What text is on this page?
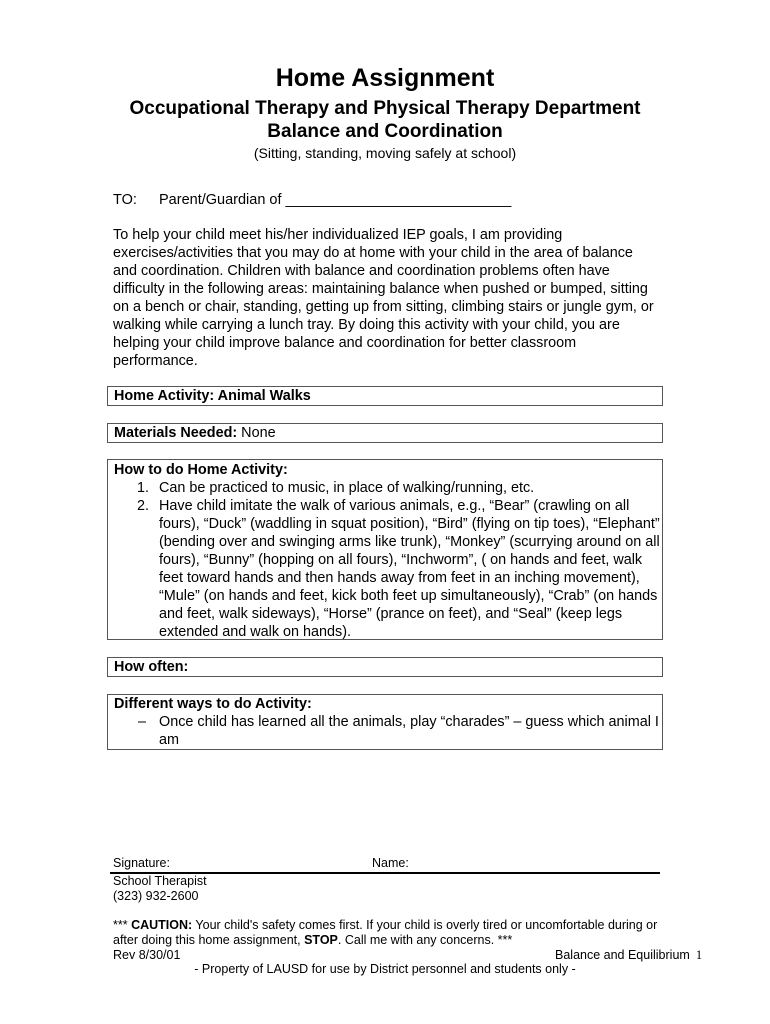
Home Assignment
Occupational Therapy and Physical Therapy Department
Balance and Coordination
(Sitting, standing, moving safely at school)
TO: Parent/Guardian of ____________________________
To help your child meet his/her individualized IEP goals, I am providing exercises/activities that you may do at home with your child in the area of balance and coordination. Children with balance and coordination problems often have difficulty in the following areas: maintaining balance when pushed or bumped, sitting on a bench or chair, standing, getting up from sitting, climbing stairs or jungle gym, or walking while carrying a lunch tray. By doing this activity with your child, you are helping your child improve balance and coordination for better classroom performance.
Home Activity: Animal Walks
Materials Needed: None
How to do Home Activity:
1. Can be practiced to music, in place of walking/running, etc.
2. Have child imitate the walk of various animals, e.g., “Bear” (crawling on all fours), “Duck” (waddling in squat position), “Bird” (flying on tip toes), “Elephant” (bending over and swinging arms like trunk), “Monkey” (scurrying around on all fours), “Bunny” (hopping on all fours), “Inchworm”, ( on hands and feet, walk feet toward hands and then hands away from feet in an inching movement), “Mule” (on hands and feet, kick both feet up simultaneously), “Crab” (on hands and feet, walk sideways), “Horse” (prance on feet), and “Seal” (keep legs extended and walk on hands).
How often:
Different ways to do Activity:
– Once child has learned all the animals, play “charades” – guess which animal I am
Signature:	Name:
School Therapist
(323) 932-2600
*** CAUTION: Your child's safety comes first. If your child is overly tired or uncomfortable during or after doing this home assignment, STOP. Call me with any concerns. ***
Rev 8/30/01	Balance and Equilibrium 1
- Property of LAUSD for use by District personnel and students only -
